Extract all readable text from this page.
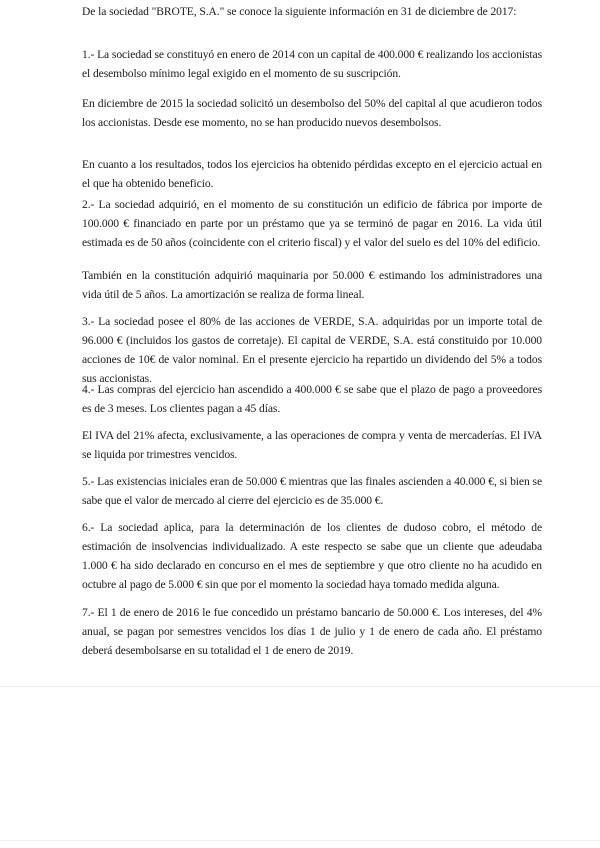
De la sociedad "BROTE, S.A." se conoce la siguiente información en 31 de diciembre de 2017:

1.- La sociedad se constituyó en enero de 2014 con un capital de 400.000 € realizando los accionistas el desembolso mínimo legal exigido en el momento de su suscripción.

En diciembre de 2015 la sociedad solicitó un desembolso del 50% del capital al que acudieron todos los accionistas. Desde ese momento, no se han producido nuevos desembolsos.

En cuanto a los resultados, todos los ejercicios ha obtenido pérdidas excepto en el ejercicio actual en el que ha obtenido beneficio.

2.- La sociedad adquirió, en el momento de su constitución un edificio de fábrica por importe de 100.000 € financiado en parte por un préstamo que ya se terminó de pagar en 2016. La vida útil estimada es de 50 años (coincidente con el criterio fiscal) y el valor del suelo es del 10% del edificio.

También en la constitución adquirió maquinaria por 50.000 € estimando los administradores una vida útil de 5 años. La amortización se realiza de forma lineal.

3.- La sociedad posee el 80% de las acciones de VERDE, S.A. adquiridas por un importe total de 96.000 € (incluidos los gastos de corretaje). El capital de VERDE, S.A. está constituido por 10.000 acciones de 10€ de valor nominal. En el presente ejercicio ha repartido un dividendo del 5% a todos sus accionistas.

4.- Las compras del ejercicio han ascendido a 400.000 € se sabe que el plazo de pago a proveedores es de 3 meses. Los clientes pagan a 45 días.

El IVA del 21% afecta, exclusivamente, a las operaciones de compra y venta de mercaderías. El IVA se liquida por trimestres vencidos.

5.- Las existencias iniciales eran de 50.000 € mientras que las finales ascienden a 40.000 €, si bien se sabe que el valor de mercado al cierre del ejercicio es de 35.000 €.

6.- La sociedad aplica, para la determinación de los clientes de dudoso cobro, el método de estimación de insolvencias individualizado. A este respecto se sabe que un cliente que adeudaba 1.000 € ha sido declarado en concurso en el mes de septiembre y que otro cliente no ha acudido en octubre al pago de 5.000 € sin que por el momento la sociedad haya tomado medida alguna.

7.- El 1 de enero de 2016 le fue concedido un préstamo bancario de 50.000 €. Los intereses, del 4% anual, se pagan por semestres vencidos los días 1 de julio y 1 de enero de cada año. El préstamo deberá desembolsarse en su totalidad el 1 de enero de 2019.
